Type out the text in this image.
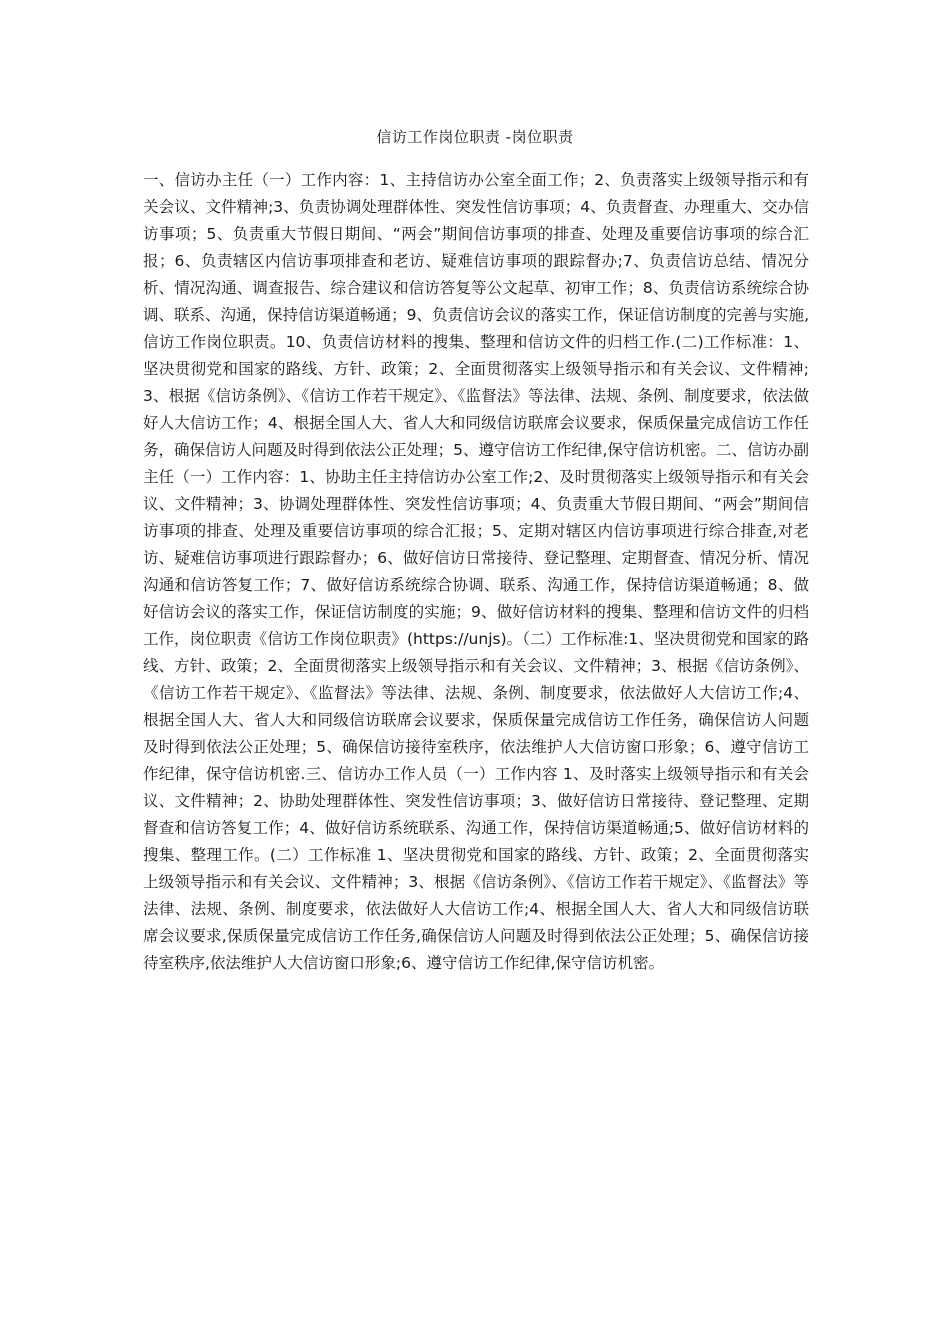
信访工作岗位职责 -岗位职责

一、信访办主任（一）工作内容：1、主持信访办公室全面工作；2、负责落实上级领导指示和有关会议、文件精神;3、负责协调处理群体性、突发性信访事项；4、负责督查、办理重大、交办信访事项；5、负责重大节假日期间、“两会”期间信访事项的排查、处理及重要信访事项的综合汇报；6、负责辖区内信访事项排查和老访、疑难信访事项的跟踪督办;7、负责信访总结、情况分析、情况沟通、调查报告、综合建议和信访答复等公文起草、初审工作；8、负责信访系统综合协调、联系、沟通，保持信访渠道畅通；9、负责信访会议的落实工作，保证信访制度的完善与实施,信访工作岗位职责。10、负责信访材料的搜集、整理和信访文件的归档工作.(二)工作标准：1、坚决贯彻党和国家的路线、方针、政策；2、全面贯彻落实上级领导指示和有关会议、文件精神;3、根据《信访条例》、《信访工作若干规定》、《监督法》等法律、法规、条例、制度要求，依法做好人大信访工作；4、根据全国人大、省人大和同级信访联席会议要求，保质保量完成信访工作任务，确保信访人问题及时得到依法公正处理；5、遵守信访工作纪律,保守信访机密。二、信访办副主任（一）工作内容：1、协助主任主持信访办公室工作;2、及时贯彻落实上级领导指示和有关会议、文件精神；3、协调处理群体性、突发性信访事项；4、负责重大节假日期间、“两会”期间信访事项的排查、处理及重要信访事项的综合汇报；5、定期对辖区内信访事项进行综合排查,对老访、疑难信访事项进行跟踪督办；6、做好信访日常接待、登记整理、定期督查、情况分析、情况沟通和信访答复工作；7、做好信访系统综合协调、联系、沟通工作，保持信访渠道畅通；8、做好信访会议的落实工作，保证信访制度的实施；9、做好信访材料的搜集、整理和信访文件的归档工作，岗位职责《信访工作岗位职责》(https://unjs)。（二）工作标准:1、坚决贯彻党和国家的路线、方针、政策；2、全面贯彻落实上级领导指示和有关会议、文件精神；3、根据《信访条例》、《信访工作若干规定》、《监督法》等法律、法规、条例、制度要求，依法做好人大信访工作;4、根据全国人大、省人大和同级信访联席会议要求，保质保量完成信访工作任务，确保信访人问题及时得到依法公正处理；5、确保信访接待室秩序，依法维护人大信访窗口形象；6、遵守信访工作纪律，保守信访机密.三、信访办工作人员（一）工作内容 1、及时落实上级领导指示和有关会议、文件精神；2、协助处理群体性、突发性信访事项；3、做好信访日常接待、登记整理、定期督查和信访答复工作；4、做好信访系统联系、沟通工作，保持信访渠道畅通;5、做好信访材料的搜集、整理工作。(二）工作标准 1、坚决贯彻党和国家的路线、方针、政策；2、全面贯彻落实上级领导指示和有关会议、文件精神；3、根据《信访条例》、《信访工作若干规定》、《监督法》等法律、法规、条例、制度要求，依法做好人大信访工作;4、根据全国人大、省人大和同级信访联席会议要求,保质保量完成信访工作任务,确保信访人问题及时得到依法公正处理；5、确保信访接待室秩序,依法维护人大信访窗口形象;6、遵守信访工作纪律,保守信访机密。
